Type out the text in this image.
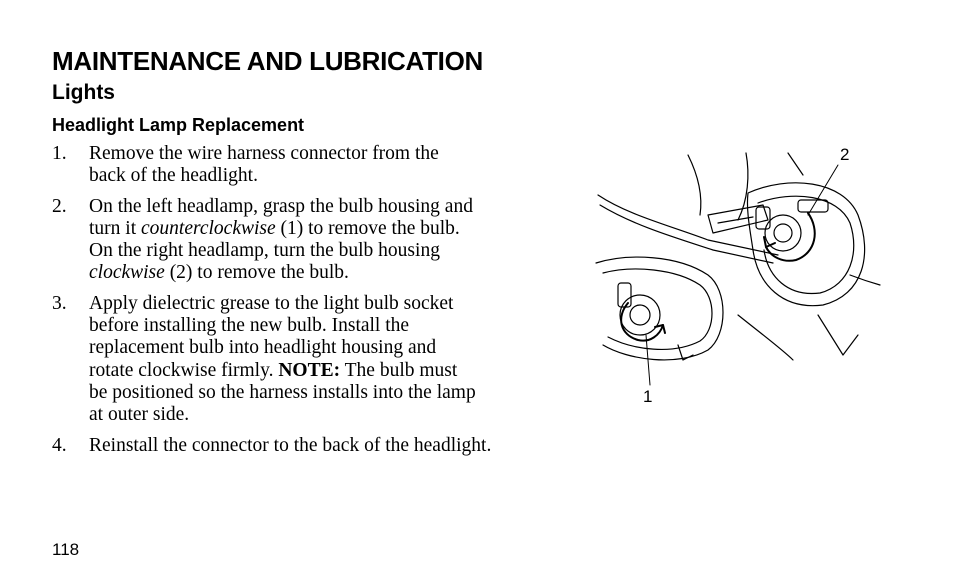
MAINTENANCE AND LUBRICATION
Lights
Headlight Lamp Replacement
1. Remove the wire harness connector from the
back of the headlight.
2. On the left headlamp, grasp the bulb housing and
turn it counterclockwise (1) to remove the bulb.
On the right headlamp, turn the bulb housing
clockwise (2) to remove the bulb.
3. Apply dielectric grease to the light bulb socket
before installing the new bulb. Install the
replacement bulb into headlight housing and
rotate clockwise firmly. NOTE: The bulb must
be positioned so the harness installs into the lamp
at outer side.
4. Reinstall the connector to the back of the headlight.
2
1
118
